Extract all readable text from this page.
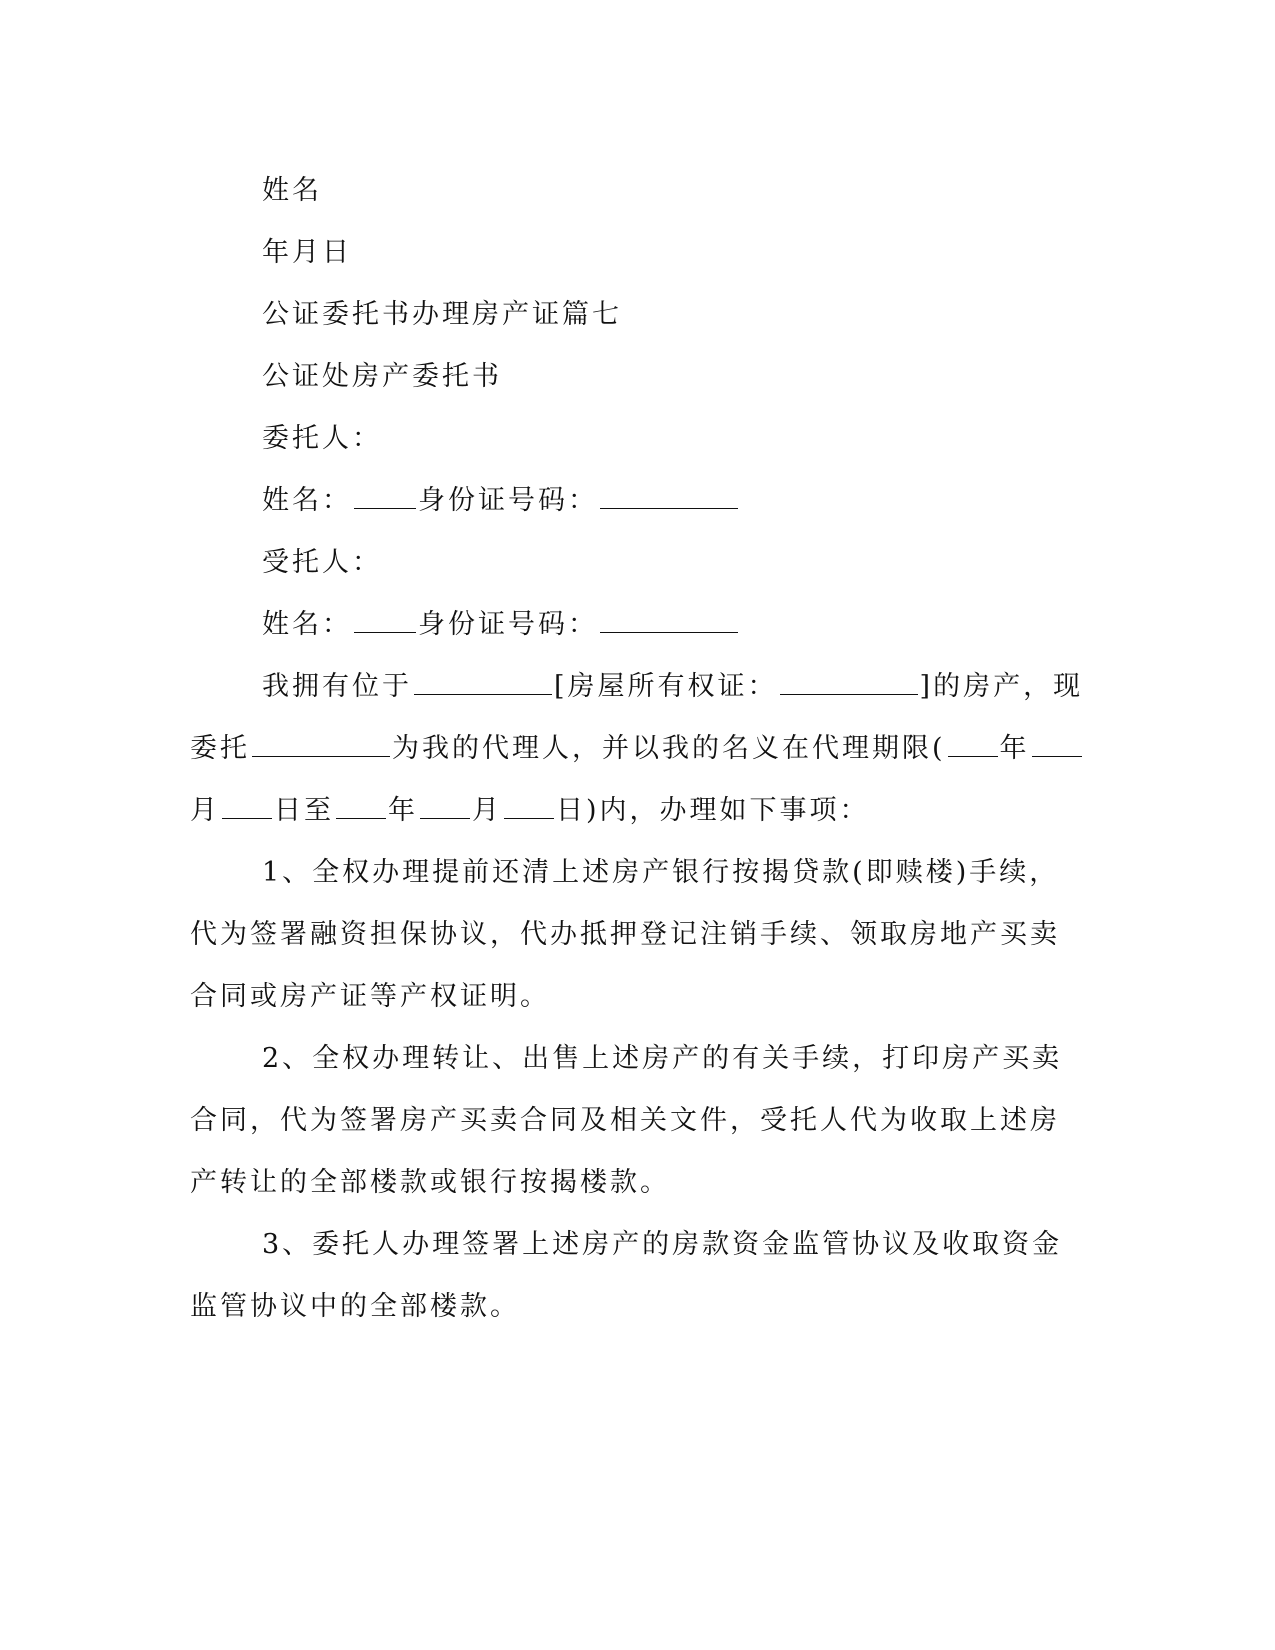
姓名

年月日

公证委托书办理房产证篇七

公证处房产委托书

委托人：

姓名： 身份证号码：

受托人：

姓名： 身份证号码：

我拥有位于	[房屋所有权证：	]的房产，现委托	为我的代理人，并以我的名义在代理期限( 年月 日至 年 月 日)内，办理如下事项：

1、全权办理提前还清上述房产银行按揭贷款(即赎楼)手续，代为签署融资担保协议，代办抵押登记注销手续、领取房地产买卖合同或房产证等产权证明。

2、全权办理转让、出售上述房产的有关手续，打印房产买卖合同，代为签署房产买卖合同及相关文件，受托人代为收取上述房产转让的全部楼款或银行按揭楼款。

3、委托人办理签署上述房产的房款资金监管协议及收取资金监管协议中的全部楼款。
